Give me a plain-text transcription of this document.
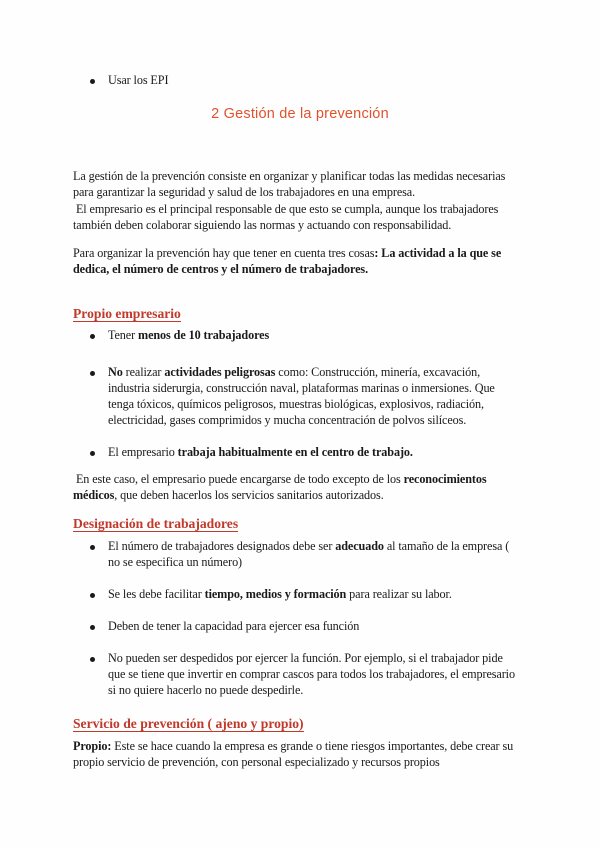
Usar los EPI
2 Gestión de la prevención
La gestión de la prevención consiste en organizar y planificar todas las medidas necesarias
para garantizar la seguridad y salud de los trabajadores en una empresa.
El empresario es el principal responsable de que esto se cumpla, aunque los trabajadores
también deben colaborar siguiendo las normas y actuando con responsabilidad.
Para organizar la prevención hay que tener en cuenta tres cosas: La actividad a la que se
dedica, el número de centros y el número de trabajadores.
Propio empresario
Tener menos de 10 trabajadores
No realizar actividades peligrosas como: Construcción, minería, excavación,
industria siderurgia, construcción naval, plataformas marinas o inmersiones. Que
tenga tóxicos, químicos peligrosos, muestras biológicas, explosivos, radiación,
electricidad, gases comprimidos y mucha concentración de polvos silíceos.
El empresario trabaja habitualmente en el centro de trabajo.
En este caso, el empresario puede encargarse de todo excepto de los reconocimientos
médicos, que deben hacerlos los servicios sanitarios autorizados.
Designación de trabajadores
El número de trabajadores designados debe ser adecuado al tamaño de la empresa (
no se especifica un número)
Se les debe facilitar tiempo, medios y formación para realizar su labor.
Deben de tener la capacidad para ejercer esa función
No pueden ser despedidos por ejercer la función. Por ejemplo, si el trabajador pide
que se tiene que invertir en comprar cascos para todos los trabajadores, el empresario
si no quiere hacerlo no puede despedirle.
Servicio de prevención ( ajeno y propio)
Propio: Este se hace cuando la empresa es grande o tiene riesgos importantes, debe crear su
propio servicio de prevención, con personal especializado y recursos propios
